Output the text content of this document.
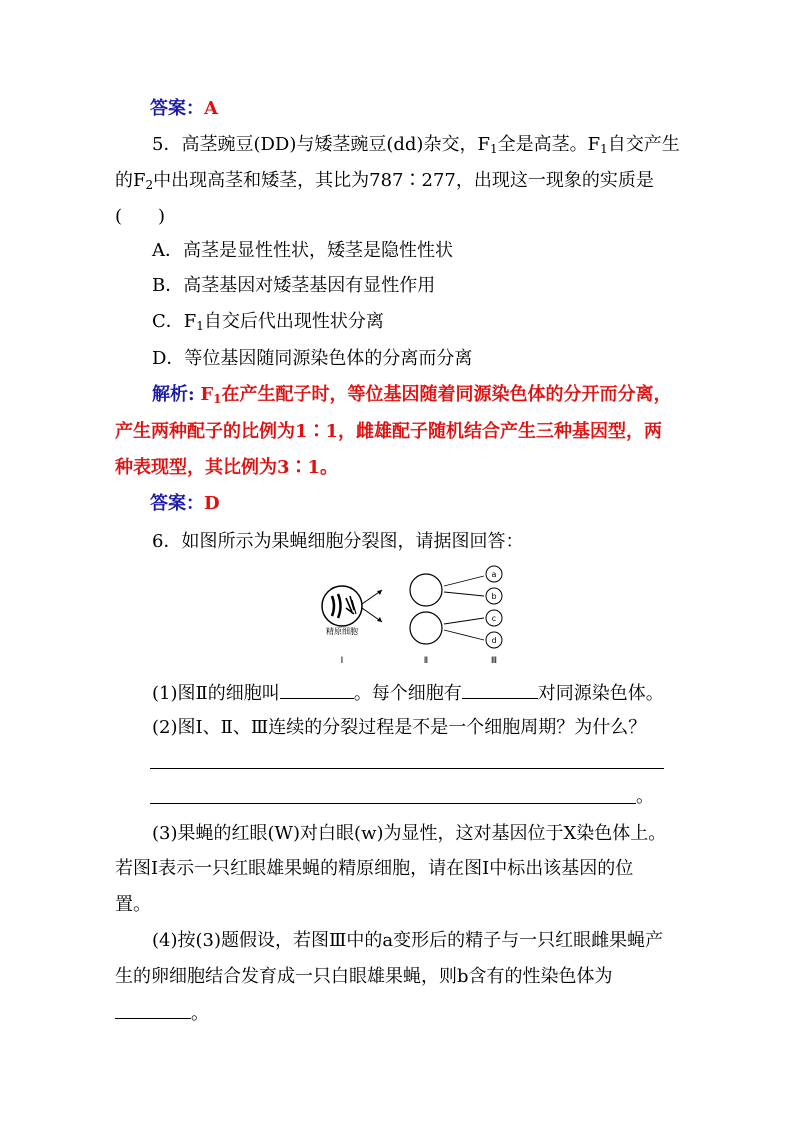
答案：A
5．高茎豌豆(DD)与矮茎豌豆(dd)杂交，$F_1$全是高茎。$F_1$自交产生
的$F_2$中出现高茎和矮茎，其比为787∶277，出现这一现象的实质是
(　　)
A．高茎是显性性状，矮茎是隐性性状
B．高茎基因对矮茎基因有显性作用
C．$F_1$自交后代出现性状分离
D．等位基因随同源染色体的分离而分离
解析: $F_1$在产生配子时，等位基因随着同源染色体的分开而分离，
产生两种配子的比例为1∶1，雌雄配子随机结合产生三种基因型，两
种表现型，其比例为3∶1。
答案：D
6．如图所示为果蝇细胞分裂图，请据图回答：
精原细胞
a
b
c
d
Ⅰ	Ⅱ	Ⅲ
(1)图Ⅱ的细胞叫	。每个细胞有	对同源染色体。
(2)图Ⅰ、Ⅱ、Ⅲ连续的分裂过程是不是一个细胞周期？为什么？
。
(3)果蝇的红眼(W)对白眼(w)为显性，这对基因位于X染色体上。
若图Ⅰ表示一只红眼雄果蝇的精原细胞，请在图Ⅰ中标出该基因的位
置。
(4)按(3)题假设，若图Ⅲ中的a变形后的精子与一只红眼雌果蝇产
生的卵细胞结合发育成一只白眼雄果蝇，则b含有的性染色体为
。
